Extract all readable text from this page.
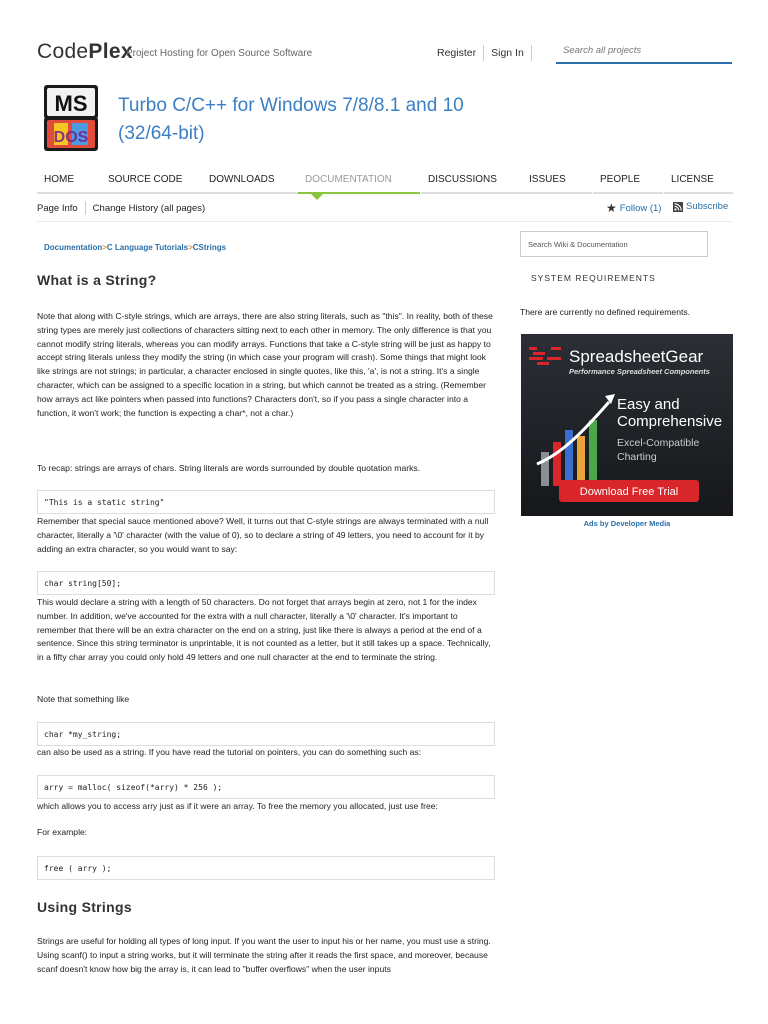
CodePlex
Project Hosting for Open Source Software	Register Sign In	Search all projects
MS
DOS
Turbo C/C++ for Windows 7/8/8.1 and 10 (32/64-bit)
HOME	SOURCE CODE	DOWNLOADS	DOCUMENTATION	DISCUSSIONS	ISSUES	PEOPLE	LICENSE
Page Info Change History (all pages)	★ Follow (1)	Subscribe
Documentation>C Language Tutorials>CStrings
What is a String?

Note that along with C-style strings, which are arrays, there are also string literals, such as "this". In reality, both of these string types are merely just collections of characters sitting next to each other in memory. The only difference is that you cannot modify string literals, whereas you can modify arrays. Functions that take a C-style string will be just as happy to accept string literals unless they modify the string (in which case your program will crash). Some things that might look like strings are not strings; in particular, a character enclosed in single quotes, like this, 'a', is not a string. It's a single character, which can be assigned to a specific location in a string, but which cannot be treated as a string. (Remember how arrays act like pointers when passed into functions? Characters don't, so if you pass a single character into a function, it won't work; the function is expecting a char*, not a char.)

To recap: strings are arrays of chars. String literals are words surrounded by double quotation marks.

"This is a static string"

Remember that special sauce mentioned above? Well, it turns out that C-style strings are always terminated with a null character, literally a '\0' character (with the value of 0), so to declare a string of 49 letters, you need to account for it by adding an extra character, so you would want to say:

char string[50];

This would declare a string with a length of 50 characters. Do not forget that arrays begin at zero, not 1 for the index number. In addition, we've accounted for the extra with a null character, literally a '\0' character. It's important to remember that there will be an extra character on the end on a string, just like there is always a period at the end of a sentence. Since this string terminator is unprintable, it is not counted as a letter, but it still takes up a space. Technically, in a fifty char array you could only hold 49 letters and one null character at the end to terminate the string.

Note that something like

char *my_string;

can also be used as a string. If you have read the tutorial on pointers, you can do something such as:

arry = malloc( sizeof(*arry) * 256 );

which allows you to access arry just as if it were an array. To free the memory you allocated, just use free:

For example:

free ( arry );
Using Strings

Strings are useful for holding all types of long input. If you want the user to input his or her name, you must use a string. Using scanf() to input a string works, but it will terminate the string after it reads the first space, and moreover, because scanf doesn't know how big the array is, it can lead to "buffer overflows" when the user inputs

Search Wiki & Documentation
SYSTEM REQUIREMENTS
There are currently no defined requirements.
SpreadsheetGear
Performance Spreadsheet Components
Easy and
Comprehensive
Excel-Compatible
Charting
Download Free Trial
Ads by Developer Media
